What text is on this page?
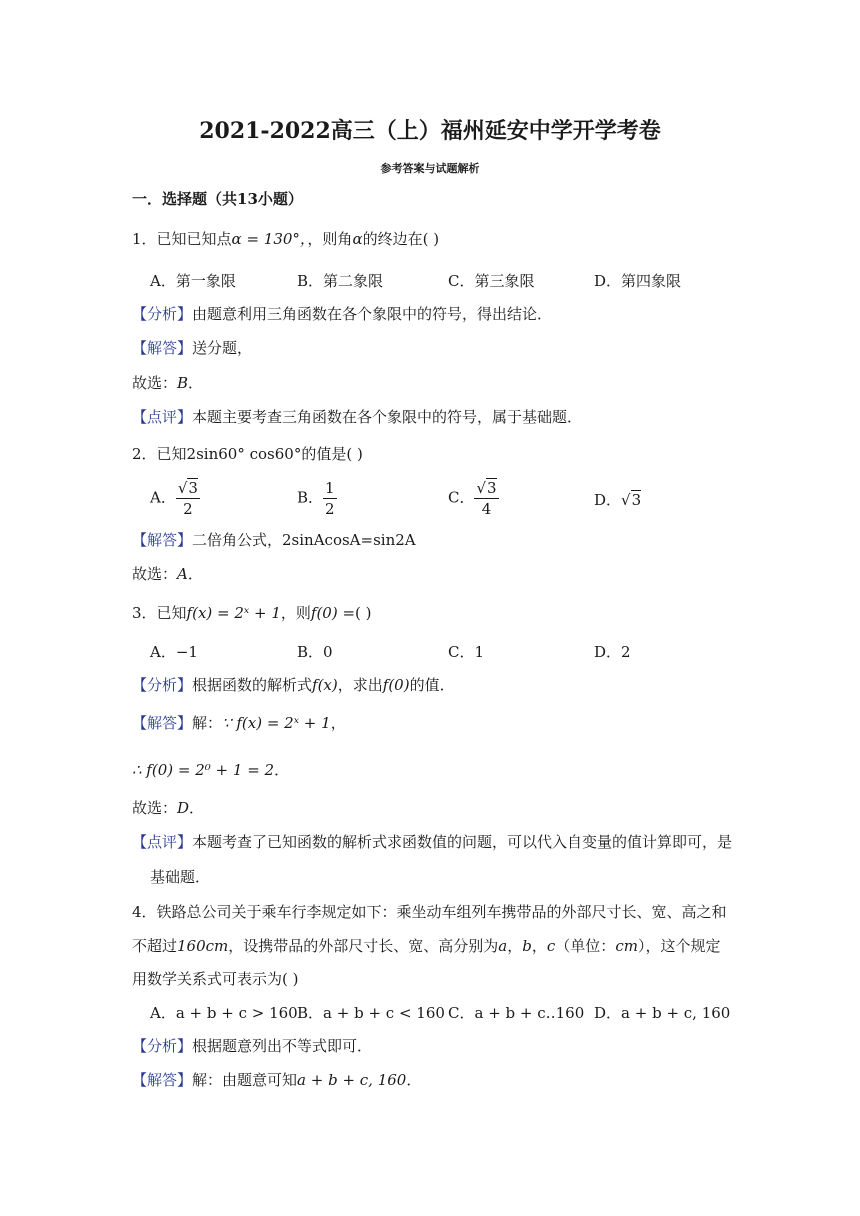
2021-2022高三（上）福州延安中学开学考卷
参考答案与试题解析
一．选择题（共13小题）
1．已知已知点α = 130°，，则角α的终边在( )
A．第一象限	B．第二象限	C．第三象限	D．第四象限
【分析】由题意利用三角函数在各个象限中的符号，得出结论．
【解答】送分题，
故选：B．
【点评】本题主要考查三角函数在各个象限中的符号，属于基础题．
2．已知2sin60° cos60°的值是( )
A． $\frac{√3}{2}$	B． $\frac{1}{2}$	C． $\frac{√3}{4}$	D．√3
【解答】二倍角公式，2sinAcosA=sin2A
故选：A．
3．已知f(x) = 2ˣ + 1，则f(0) =( )
A．−1	B．0	C．1	D．2
【分析】根据函数的解析式f(x)，求出f(0)的值．
【解答】解：∵ f(x) = 2ˣ + 1，
∴ f(0) = 2⁰ + 1 = 2．
故选：D．
【点评】本题考查了已知函数的解析式求函数值的问题，可以代入自变量的值计算即可，是
基础题．
4．铁路总公司关于乘车行李规定如下：乘坐动车组列车携带品的外部尺寸长、宽、高之和
不超过160cm，设携带品的外部尺寸长、宽、高分别为a，b，c（单位：cm），这个规定
用数学关系式可表示为( )
A．a + b + c > 160 B．a + b + c < 160 C．a + b + c‥160 D．a + b + c, 160
【分析】根据题意列出不等式即可．
【解答】解：由题意可知a + b + c, 160．
